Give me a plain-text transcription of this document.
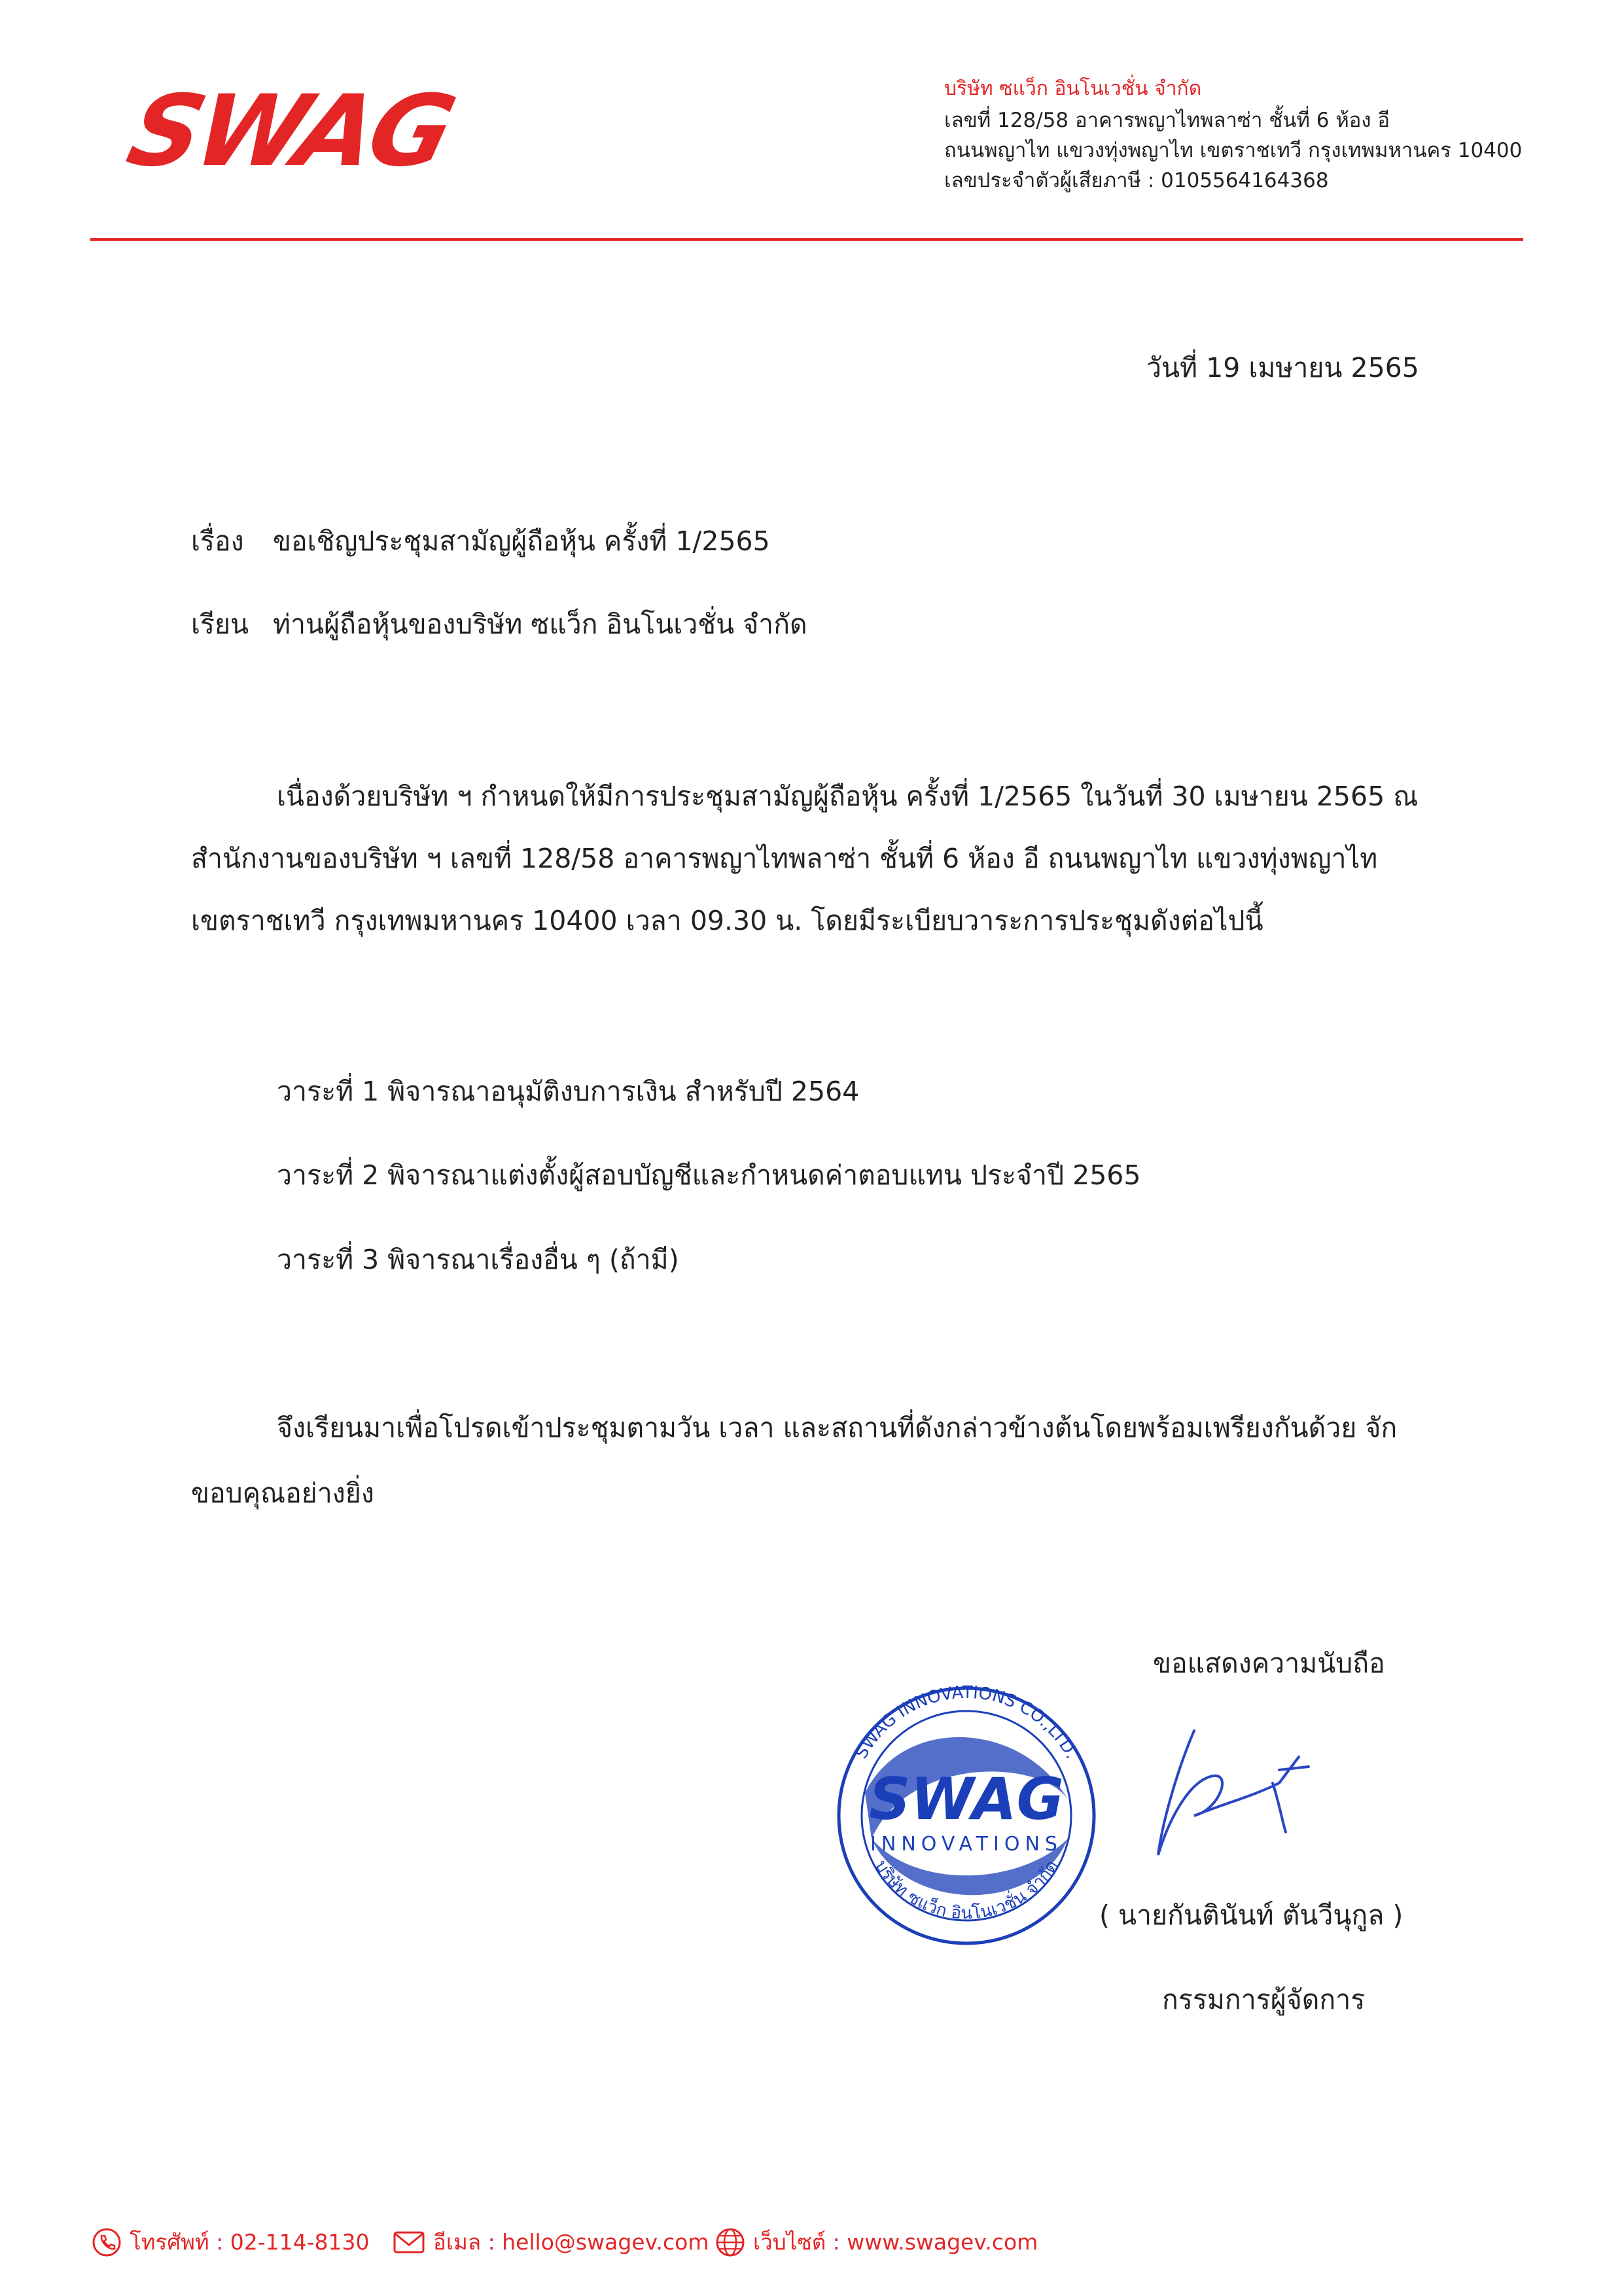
SWAG	บริษัท ซแว็ก อินโนเวชั่น จำกัด
เลขที่ 128/58 อาคารพญาไทพลาซ่า ชั้นที่ 6 ห้อง อี
ถนนพญาไท แขวงทุ่งพญาไท เขตราชเทวี กรุงเทพมหานคร 10400
เลขประจำตัวผู้เสียภาษี : 0105564164368
วันที่ 19 เมษายน 2565
เรื่อง ขอเชิญประชุมสามัญผู้ถือหุ้น ครั้งที่ 1/2565
เรียน ท่านผู้ถือหุ้นของบริษัท ซแว็ก อินโนเวชั่น จำกัด
เนื่องด้วยบริษัท ฯ กำหนดให้มีการประชุมสามัญผู้ถือหุ้น ครั้งที่ 1/2565 ในวันที่ 30 เมษายน 2565 ณ
สำนักงานของบริษัท ฯ เลขที่ 128/58 อาคารพญาไทพลาซ่า ชั้นที่ 6 ห้อง อี ถนนพญาไท แขวงทุ่งพญาไท
เขตราชเทวี กรุงเทพมหานคร 10400 เวลา 09.30 น. โดยมีระเบียบวาระการประชุมดังต่อไปนี้
วาระที่ 1 พิจารณาอนุมัติงบการเงิน สำหรับปี 2564
วาระที่ 2 พิจารณาแต่งตั้งผู้สอบบัญชีและกำหนดค่าตอบแทน ประจำปี 2565
วาระที่ 3 พิจารณาเรื่องอื่น ๆ (ถ้ามี)
จึงเรียนมาเพื่อโปรดเข้าประชุมตามวัน เวลา และสถานที่ดังกล่าวข้างต้นโดยพร้อมเพรียงกันด้วย จัก
ขอบคุณอย่างยิ่ง
ขอแสดงความนับถือ
SWAG INNOVATIONS CO.,LTD.
SWAG
INNOVATIONS
บริษัท ซแว็ก อินโนเวชั่น จำกัด
( นายกันตินันท์ ตันวีนุกูล )
กรรมการผู้จัดการ
โทรศัพท์ : 02-114-8130	อีเมล : hello@swagev.com เว็บไซต์ : www.swagev.com
